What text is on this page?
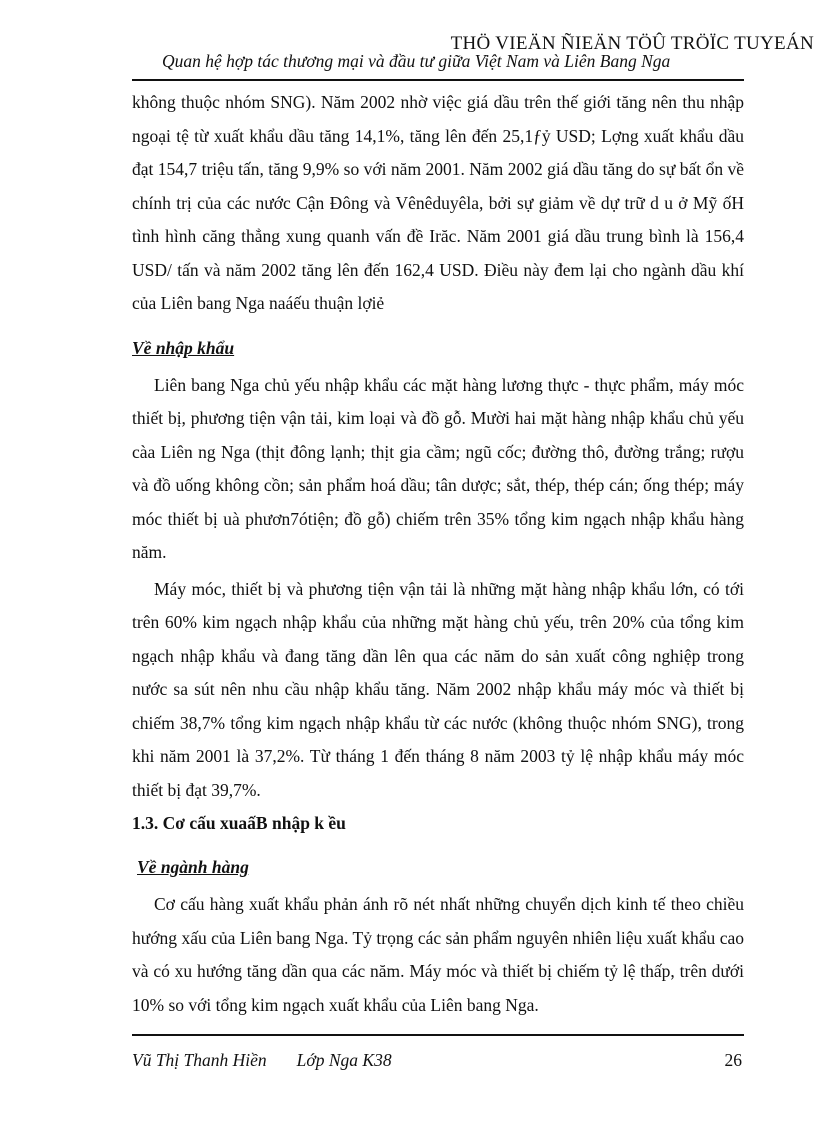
THÖ VIEÄN ÑIEÄN TÖÛ TRÖÏC TUYEÁN
Quan hệ hợp tác thương mại và đầu tư giữa Việt Nam và Liên Bang Nga

không thuộc nhóm SNG). Năm 2002 nhờ việc giá dầu trên thế giới tăng nên thu nhập ngoại tệ từ xuất khẩu dầu tăng 14,1%, tăng lên đến 25,1ƒỷ USD; Lợng xuất khẩu dầu đạt 154,7 triệu tấn, tăng 9,9% so với năm 2001. Năm 2002 giá dầu tăng do sự bất ổn về chính trị của các nước Cận Đông và Vênêduyêla, bởi sự giảm về dự trữ d u ở Mỹ ốH tình hình căng thẳng xung quanh vấn đề Irăc. Năm 2001 giá dầu trung bình là 156,4 USD/ tấn và năm 2002 tăng lên đến 162,4 USD. Điều này đem lại cho ngành dầu khí của Liên bang Nga naáếu thuận lợiẻ

Về nhập khẩu

Liên bang Nga chủ yếu nhập khẩu các mặt hàng lương thực - thực phẩm, máy móc thiết bị, phương tiện vận tải, kim loại và đồ gỗ. Mười hai mặt hàng nhập khẩu chủ yếu càa Liên ng Nga (thịt đông lạnh; thịt gia cầm; ngũ cốc; đường thô, đường trắng; rượu và đồ uống không cồn; sản phẩm hoá dầu; tân dược; sắt, thép, thép cán; ống thép; máy móc thiết bị uà phươn7ótiện; đồ gỗ) chiếm trên 35% tổng kim ngạch nhập khẩu hàng năm.

Máy móc, thiết bị và phương tiện vận tải là những mặt hàng nhập khẩu lớn, có tới trên 60% kim ngạch nhập khẩu của những mặt hàng chủ yếu, trên 20% của tổng kim ngạch nhập khẩu và đang tăng dần lên qua các năm do sản xuất công nghiệp trong nước sa sút nên nhu cầu nhập khẩu tăng. Năm 2002 nhập khẩu máy móc và thiết bị chiếm 38,7% tổng kim ngạch nhập khẩu từ các nước (không thuộc nhóm SNG), trong khi năm 2001 là 37,2%. Từ tháng 1 đến tháng 8 năm 2003 tỷ lệ nhập khẩu máy móc thiết bị đạt 39,7%.

1.3. Cơ cấu xuaấB nhập k ều
Về ngành hàng

Cơ cấu hàng xuất khẩu phản ánh rõ nét nhất những chuyển dịch kinh tế theo chiều hướng xấu của Liên bang Nga. Tỷ trọng các sản phẩm nguyên nhiên liệu xuất khẩu cao và có xu hướng tăng dần qua các năm. Máy móc và thiết bị chiếm tỷ lệ thấp, trên dưới 10% so với tổng kim ngạch xuất khẩu của Liên bang Nga.

Vũ Thị Thanh Hiền Lớp Nga K38	26
